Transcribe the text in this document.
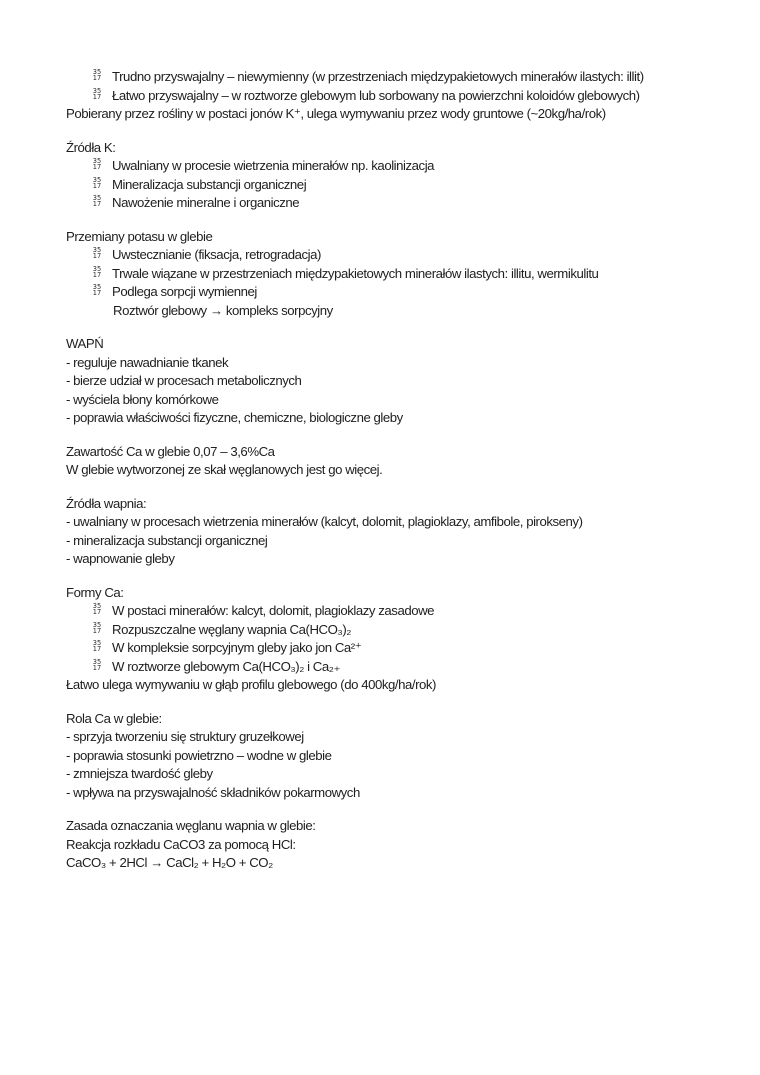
35
17 Trudno przyswajalny – niewymienny (w przestrzeniach międzypakietowych minerałów ilastych: illit)
35
17 Łatwo przyswajalny – w roztworze glebowym lub sorbowany na powierzchni koloidów glebowych)
Pobierany przez rośliny w postaci jonów K⁺, ulega wymywaniu przez wody gruntowe (~20kg/ha/rok)
Źródła K:
35
17 Uwalniany w procesie wietrzenia minerałów np. kaolinizacja
35
17 Mineralizacja substancji organicznej
35
17 Nawożenie mineralne i organiczne
Przemiany potasu w glebie
35
17 Uwstecznianie (fiksacja, retrogradacja)
35
17 Trwale wiązane w przestrzeniach międzypakietowych minerałów ilastych: illitu, wermikulitu
35
17 Podlega sorpcji wymiennej
Roztwór glebowy → kompleks sorpcyjny
WAPŃ
- reguluje nawadnianie tkanek
- bierze udział w procesach metabolicznych
- wyściela błony komórkowe
- poprawia właściwości fizyczne, chemiczne, biologiczne gleby
Zawartość Ca w glebie 0,07 – 3,6%Ca
W glebie wytworzonej ze skał węglanowych jest go więcej.
Źródła wapnia:
- uwalniany w procesach wietrzenia minerałów (kalcyt, dolomit, plagioklazy, amfibole, pirokseny)
- mineralizacja substancji organicznej
- wapnowanie gleby
Formy Ca:
35
17 W postaci minerałów: kalcyt, dolomit, plagioklazy zasadowe
35
17 Rozpuszczalne węglany wapnia Ca(HCO₃)₂
35
17 W kompleksie sorpcyjnym gleby jako jon Ca²⁺
35
17 W roztworze glebowym Ca(HCO₃)₂ i Ca₂₊
Łatwo ulega wymywaniu w głąb profilu glebowego (do 400kg/ha/rok)
Rola Ca w glebie:
- sprzyja tworzeniu się struktury gruzełkowej
- poprawia stosunki powietrzno – wodne w glebie
- zmniejsza twardość gleby
- wpływa na przyswajalność składników pokarmowych
Zasada oznaczania węglanu wapnia w glebie:
Reakcja rozkładu CaCO3 za pomocą HCl:
CaCO₃ + 2HCl → CaCl₂ + H₂O + CO₂
